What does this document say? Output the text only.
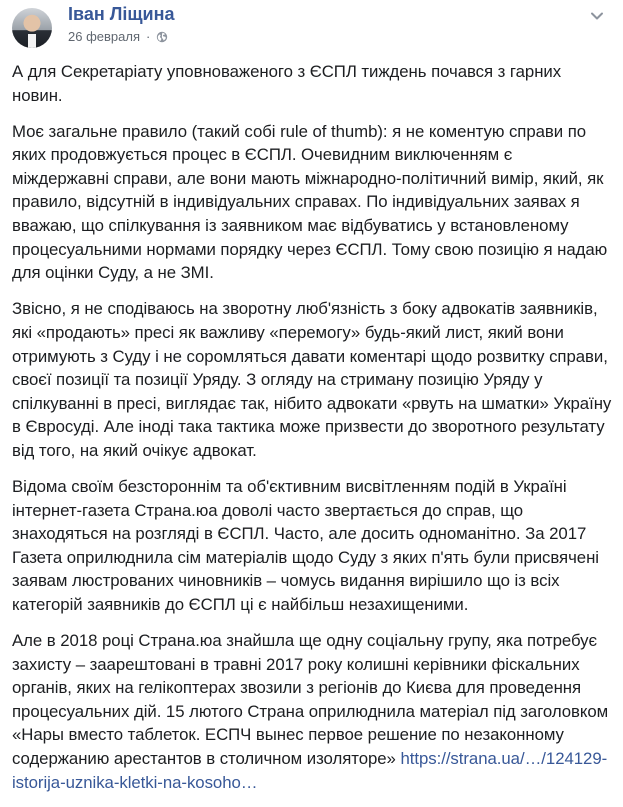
Іван Ліщина
26 февраля ·

А для Секретаріату уповноваженого з ЄСПЛ тиждень почався з гарних новин.

Моє загальне правило (такий собі rule of thumb): я не коментую справи по яких продовжується процес в ЄСПЛ. Очевидним виключенням є міждержавні справи, але вони мають міжнародно-політичний вимір, який, як правило, відсутній в індивідуальних справах. По індивідуальних заявах я вважаю, що спілкування із заявником має відбуватись у встановленому процесуальними нормами порядку через ЄСПЛ. Тому свою позицію я надаю для оцінки Суду, а не ЗМІ.

Звісно, я не сподіваюсь на зворотну люб'язність з боку адвокатів заявників, які «продають» пресі як важливу «перемогу» будь-який лист, який вони отримують з Суду і не соромляться давати коментарі щодо розвитку справи, своєї позиції та позиції Уряду. З огляду на стриману позицію Уряду у спілкуванні в пресі, виглядає так, нібито адвокати «рвуть на шматки» Україну в Євросуді. Але іноді така тактика може призвести до зворотного результату від того, на який очікує адвокат.

Відома своїм безстороннім та об'єктивним висвітленням подій в Україні інтернет-газета Страна.юа доволі часто звертається до справ, що знаходяться на розгляді в ЄСПЛ. Часто, але досить одноманітно. За 2017 Газета оприлюднила сім матеріалів щодо Суду з яких п'ять були присвячені заявам люстрованих чиновників – чомусь видання вирішило що із всіх категорій заявників до ЄСПЛ ці є найбільш незахищеними.

Але в 2018 році Страна.юа знайшла ще одну соціальну групу, яка потребує захисту – заарештовані в травні 2017 року колишні керівники фіскальних органів, яких на гелікоптерах звозили з регіонів до Києва для проведення процесуальних дій. 15 лютого Страна оприлюднила матеріал під заголовком «Нары вместо таблеток. ЕСПЧ вынес первое решение по незаконному содержанию арестантов в столичном изоляторе» https://strana.ua/…/124129-istorija-uznika-kletki-na-kosoho…
